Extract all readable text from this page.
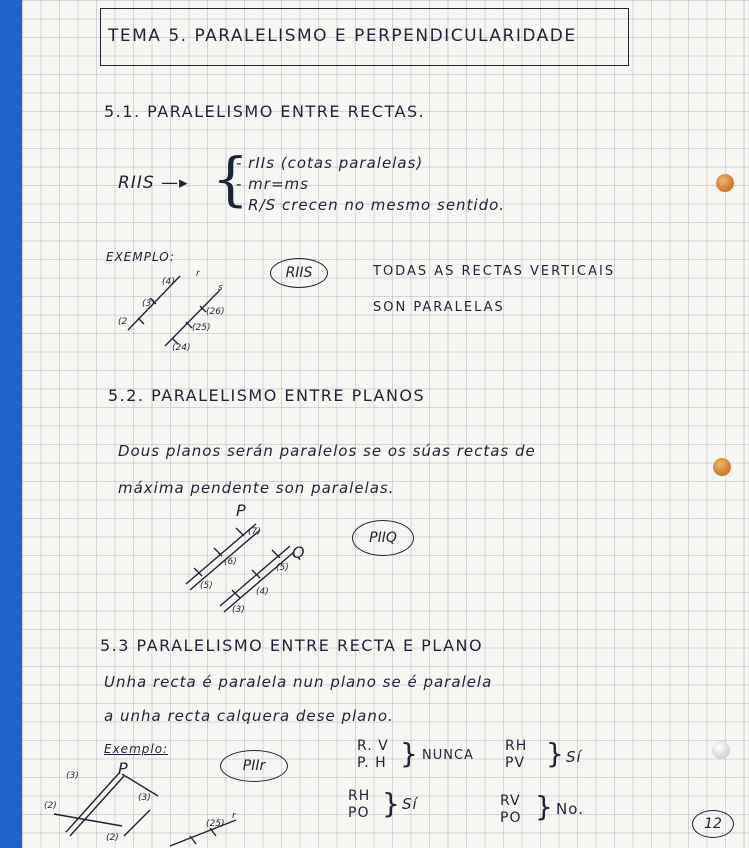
TEMA 5. PARALELISMO E PERPENDICULARIDADE

5.1. PARALELISMO ENTRE RECTAS.

RIIS —▸ {

- rIIs (cotas paralelas)

- mr=ms

- R/S crecen no mesmo sentido.

EXEMPLO:

RIIS	TODAS AS RECTAS VERTICAIS

SON PARALELAS

(4)
r
(3)
s
(2
(26)
(25)
(24)

5.2. PARALELISMO ENTRE PLANOS

Dous planos serán paralelos se os súas rectas de

máxima pendente son paralelas.

P
(7)
(6)
(5)
Q
(5)
(4)
(3)
PIIQ

5.3 PARALELISMO ENTRE RECTA E PLANO

Unha recta é paralela nun plano se é paralela

a unha recta calquera dese plano.

Exemplo:

PIIr
(3) P
(3)
(2)
(2)
(25)
r

R. V

P. H } NUNCA

RH

PV } Sí

RH

PO } Sí	RV

PO } No.

12
